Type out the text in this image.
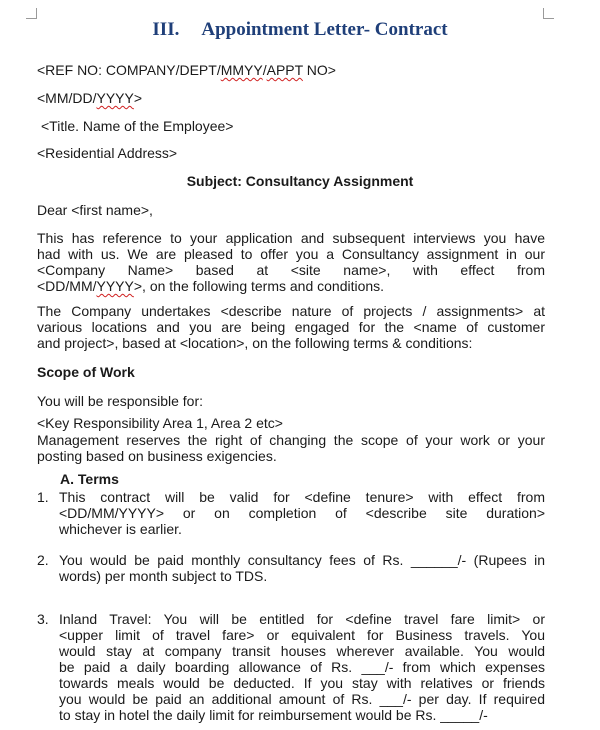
III. Appointment Letter- Contract
<REF NO: COMPANY/DEPT/MMYY/APPT NO>
<MM/DD/YYYY>
<Title. Name of the Employee>
<Residential Address>
Subject: Consultancy Assignment
Dear <first name>,
This has reference to your application and subsequent interviews you have
had with us. We are pleased to offer you a Consultancy assignment in our
<Company Name> based at <site name>, with effect from
<DD/MM/YYYY>, on the following terms and conditions.
The Company undertakes <describe nature of projects / assignments> at
various locations and you are being engaged for the <name of customer
and project>, based at <location>, on the following terms & conditions:
Scope of Work
You will be responsible for:
<Key Responsibility Area 1, Area 2 etc>
Management reserves the right of changing the scope of your work or your
posting based on business exigencies.
A. Terms
1. This contract will be valid for <define tenure> with effect from
<DD/MM/YYYY> or on completion of <describe site duration>
whichever is earlier.
2. You would be paid monthly consultancy fees of Rs. ______/- (Rupees in
words) per month subject to TDS.
3. Inland Travel: You will be entitled for <define travel fare limit> or
<upper limit of travel fare> or equivalent for Business travels. You
would stay at company transit houses wherever available. You would
be paid a daily boarding allowance of Rs. ___/- from which expenses
towards meals would be deducted. If you stay with relatives or friends
you would be paid an additional amount of Rs. ___/- per day. If required
to stay in hotel the daily limit for reimbursement would be Rs. _____/-
